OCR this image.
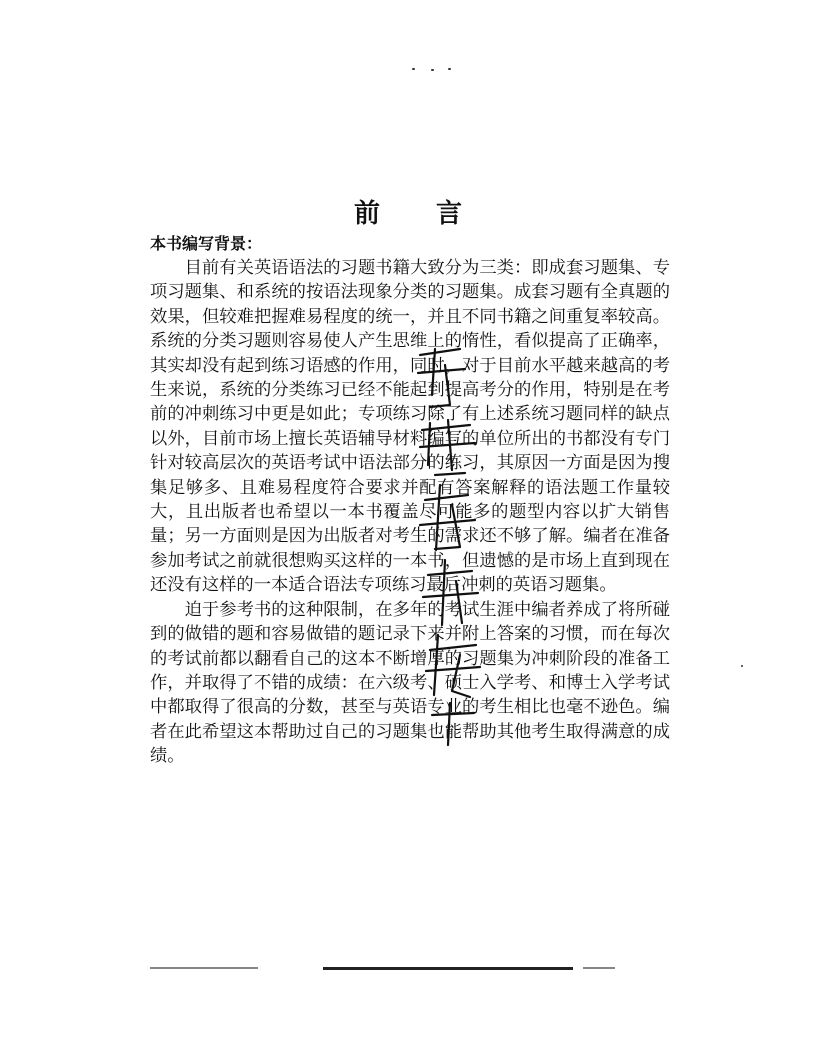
前言
本书编写背景：

目前有关英语语法的习题书籍大致分为三类：即成套习题集、专项习题集、和系统的按语法现象分类的习题集。成套习题有全真题的效果，但较难把握难易程度的统一，并且不同书籍之间重复率较高。系统的分类习题则容易使人产生思维上的惰性，看似提高了正确率，其实却没有起到练习语感的作用，同时，对于目前水平越来越高的考生来说，系统的分类练习已经不能起到提高考分的作用，特别是在考前的冲刺练习中更是如此；专项练习除了有上述系统习题同样的缺点以外，目前市场上擅长英语辅导材料编写的单位所出的书都没有专门针对较高层次的英语考试中语法部分的练习，其原因一方面是因为搜集足够多、且难易程度符合要求并配有答案解释的语法题工作量较大，且出版者也希望以一本书覆盖尽可能多的题型内容以扩大销售量；另一方面则是因为出版者对考生的需求还不够了解。编者在准备参加考试之前就很想购买这样的一本书，但遗憾的是市场上直到现在还没有这样的一本适合语法专项练习最后冲刺的英语习题集。

迫于参考书的这种限制，在多年的考试生涯中编者养成了将所碰到的做错的题和容易做错的题记录下来并附上答案的习惯，而在每次的考试前都以翻看自己的这本不断增厚的习题集为冲刺阶段的准备工作，并取得了不错的成绩：在六级考、硕士入学考、和博士入学考试中都取得了很高的分数，甚至与英语专业的考生相比也毫不逊色。编者在此希望这本帮助过自己的习题集也能帮助其他考生取得满意的成绩。
